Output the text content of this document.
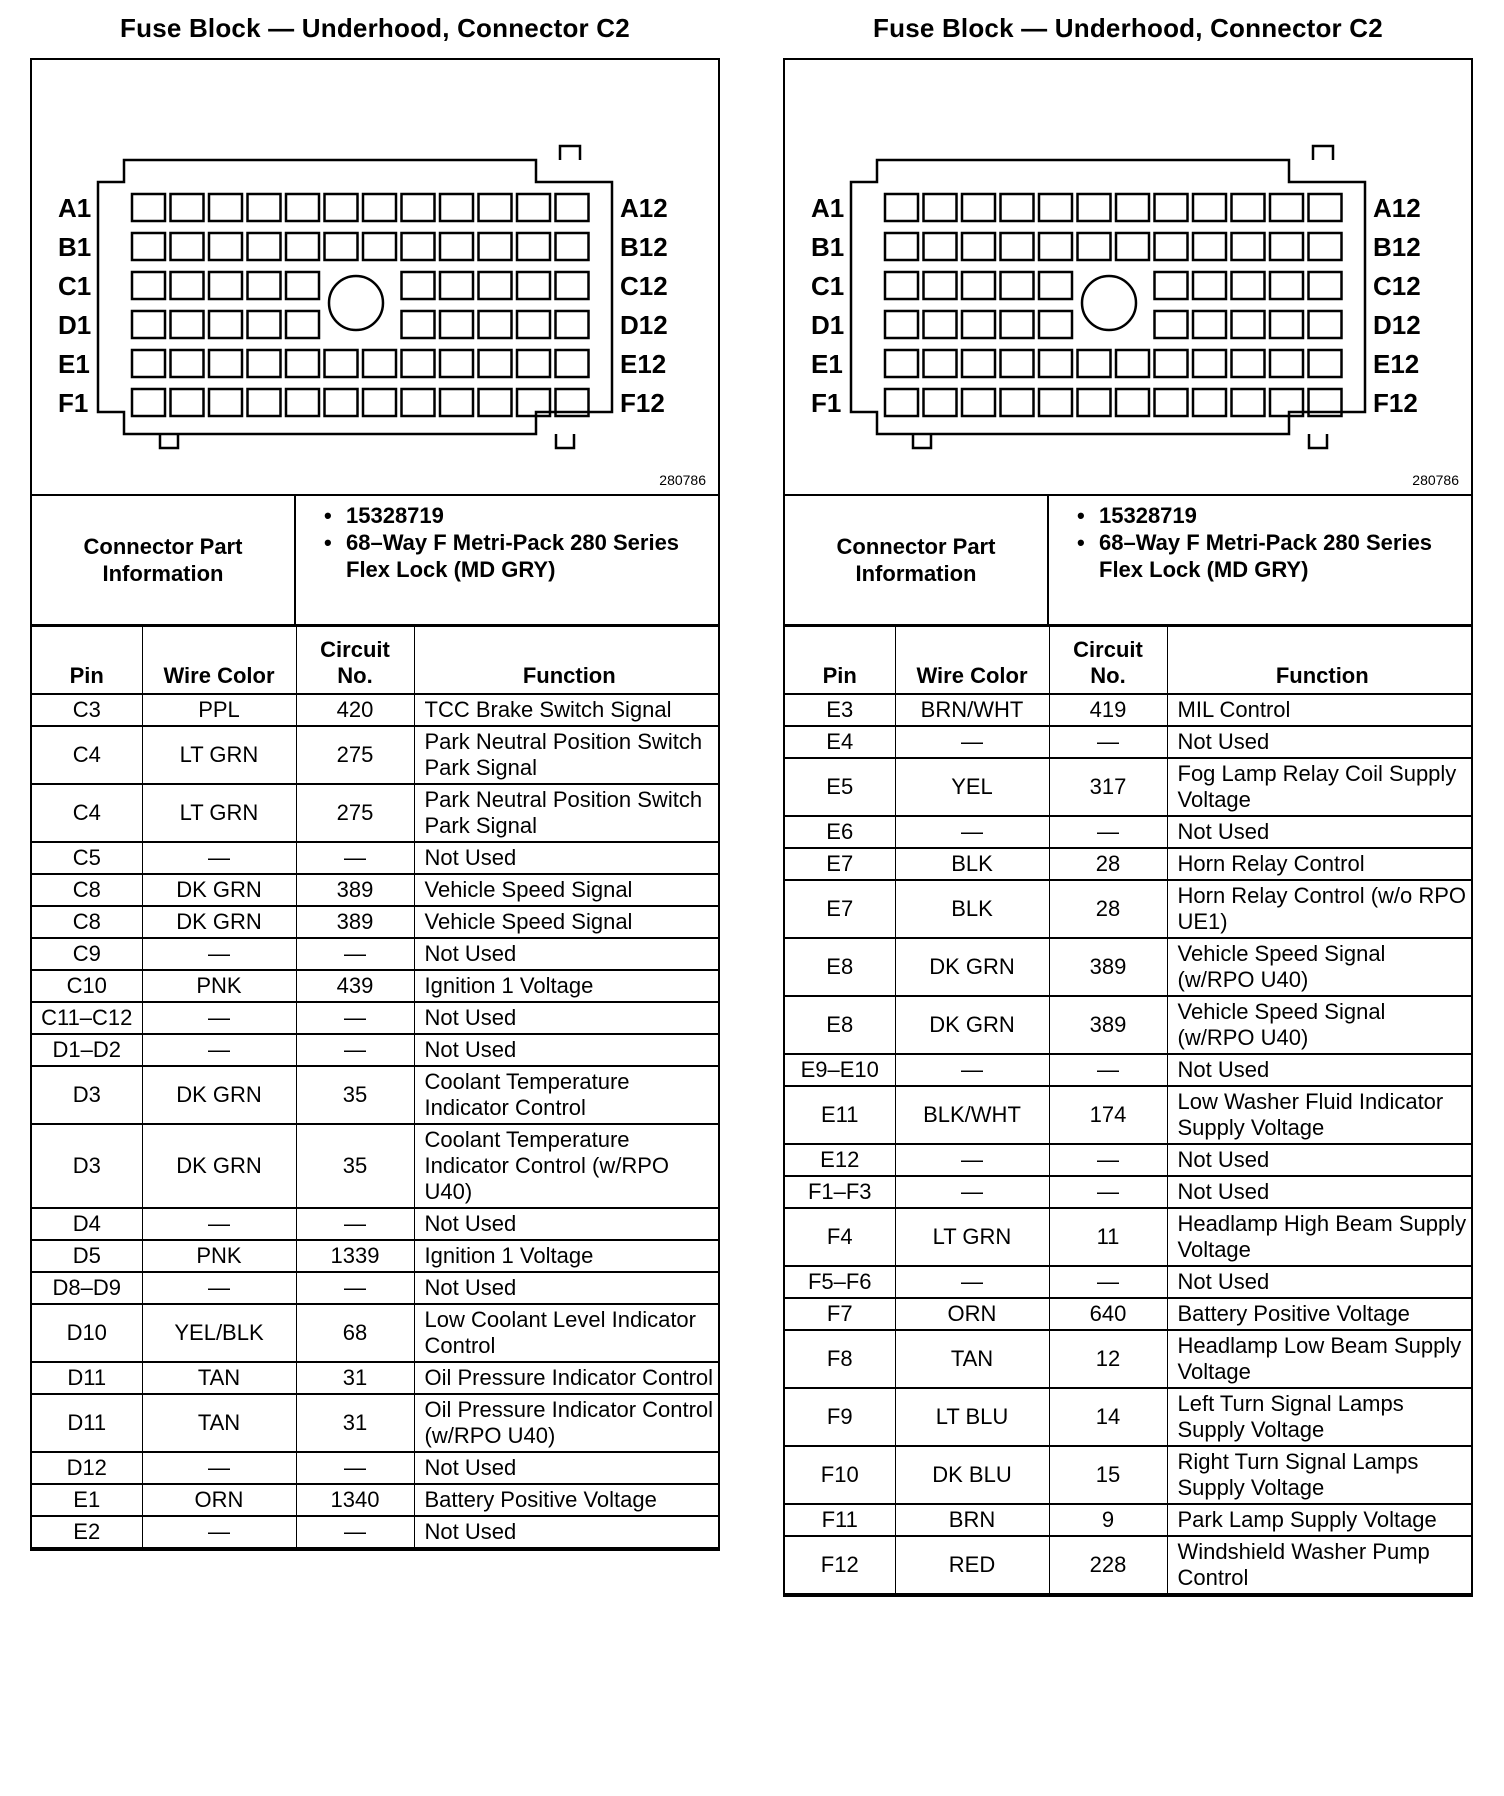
Fuse Block — Underhood, Connector C2
A1
B1
C1
D1
E1
F1
A12
B12
C12
D12
E12
F12
280786
Connector Part Information
• 15328719
• 68–Way F Metri-Pack 280 Series Flex Lock (MD GRY)
Pin	Wire Color	Circuit No.	Function
C3	PPL	420	TCC Brake Switch Signal
C4	LT GRN	275	Park Neutral Position Switch Park Signal
C4	LT GRN	275	Park Neutral Position Switch Park Signal
C5	—	—	Not Used
C8	DK GRN	389	Vehicle Speed Signal
C8	DK GRN	389	Vehicle Speed Signal
C9	—	—	Not Used
C10	PNK	439	Ignition 1 Voltage
C11–C12	—	—	Not Used
D1–D2	—	—	Not Used
D3	DK GRN	35	Coolant Temperature Indicator Control
D3	DK GRN	35	Coolant Temperature Indicator Control (w/RPO U40)
D4	—	—	Not Used
D5	PNK	1339	Ignition 1 Voltage
D8–D9	—	—	Not Used
D10	YEL/BLK	68	Low Coolant Level Indicator Control
D11	TAN	31	Oil Pressure Indicator Control
D11	TAN	31	Oil Pressure Indicator Control (w/RPO U40)
D12	—	—	Not Used
E1	ORN	1340	Battery Positive Voltage
E2	—	—	Not Used
Fuse Block — Underhood, Connector C2
A1
B1
C1
D1
E1
F1
A12
B12
C12
D12
E12
F12
280786
Connector Part Information
• 15328719
• 68–Way F Metri-Pack 280 Series Flex Lock (MD GRY)
Pin	Wire Color	Circuit No.	Function
E3	BRN/WHT	419	MIL Control
E4	—	—	Not Used
E5	YEL	317	Fog Lamp Relay Coil Supply Voltage
E6	—	—	Not Used
E7	BLK	28	Horn Relay Control
E7	BLK	28	Horn Relay Control (w/o RPO UE1)
E8	DK GRN	389	Vehicle Speed Signal (w/RPO U40)
E8	DK GRN	389	Vehicle Speed Signal (w/RPO U40)
E9–E10	—	—	Not Used
E11	BLK/WHT	174	Low Washer Fluid Indicator Supply Voltage
E12	—	—	Not Used
F1–F3	—	—	Not Used
F4	LT GRN	11	Headlamp High Beam Supply Voltage
F5–F6	—	—	Not Used
F7	ORN	640	Battery Positive Voltage
F8	TAN	12	Headlamp Low Beam Supply Voltage
F9	LT BLU	14	Left Turn Signal Lamps Supply Voltage
F10	DK BLU	15	Right Turn Signal Lamps Supply Voltage
F11	BRN	9	Park Lamp Supply Voltage
F12	RED	228	Windshield Washer Pump Control
